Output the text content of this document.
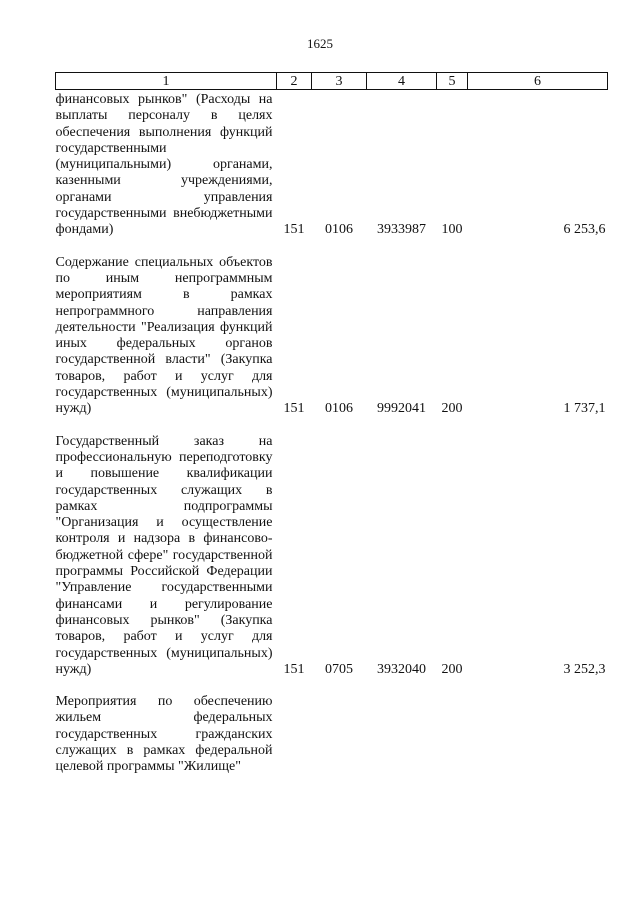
1625
1	2	3	4	5	6
финансовых рынков" (Расходы на выплаты персоналу в целях обеспечения выполнения функций государственными (муниципальными) органами, казенными учреждениями, органами управления государственными внебюджетными фондами)	151	0106	3933987	100	6 253,6

Содержание специальных объектов по иным непрограммным мероприятиям в рамках непрограммного направления деятельности "Реализация функций иных федеральных органов государственной власти" (Закупка товаров, работ и услуг для государственных (муниципальных) нужд)	151	0106	9992041	200	1 737,1

Государственный заказ на профессиональную переподготовку и повышение квалификации государственных служащих в рамках подпрограммы "Организация и осуществление контроля и надзора в финансово-бюджетной сфере" государственной программы Российской Федерации "Управление государственными финансами и регулирование финансовых рынков" (Закупка товаров, работ и услуг для государственных (муниципальных) нужд)	151	0705	3932040	200	3 252,3

Мероприятия по обеспечению жильем федеральных государственных гражданских служащих в рамках федеральной целевой программы "Жилище"					
